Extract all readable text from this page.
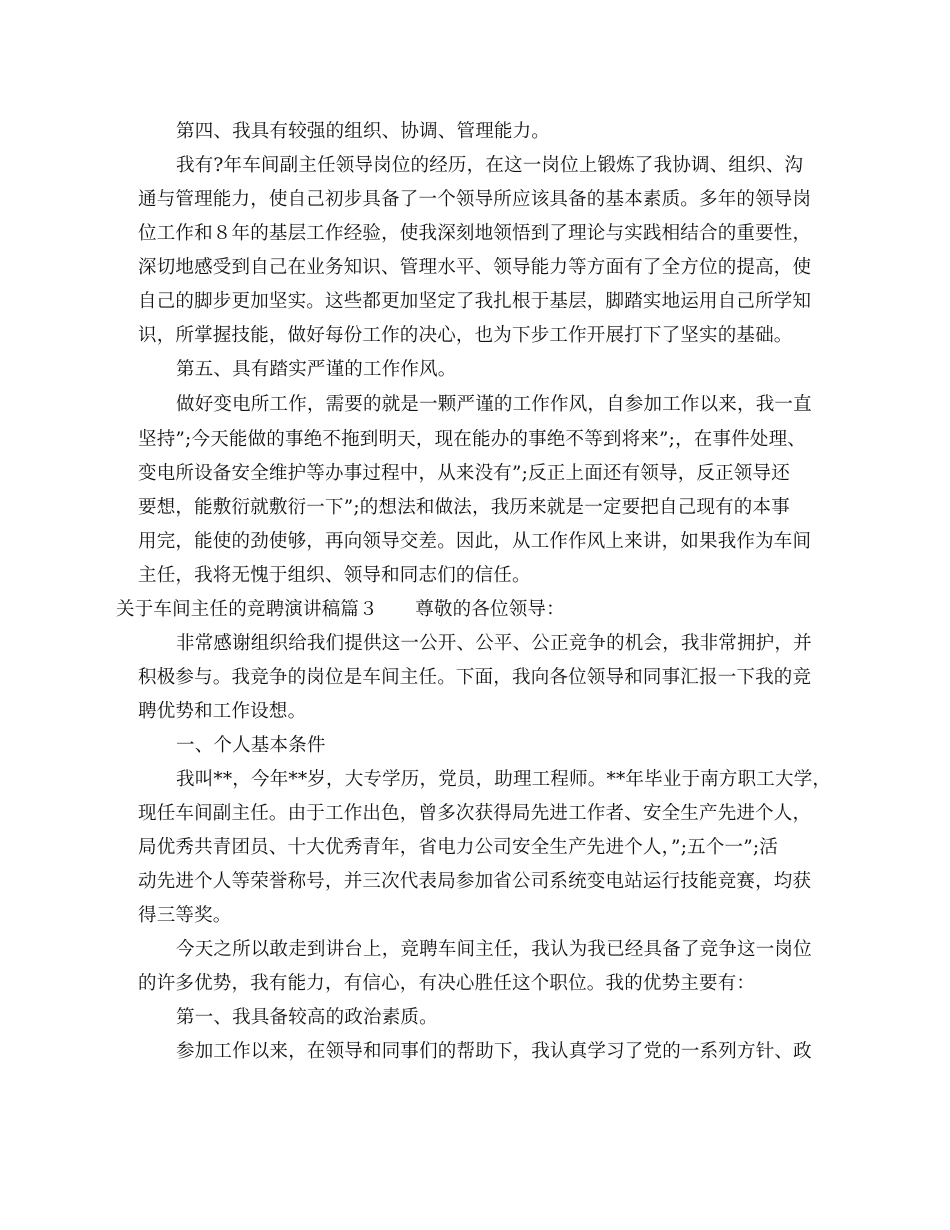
第四、我具有较强的组织、协调、管理能力。
我有?年车间副主任领导岗位的经历，在这一岗位上锻炼了我协调、组织、沟
通与管理能力，使自己初步具备了一个领导所应该具备的基本素质。多年的领导岗
位工作和８年的基层工作经验，使我深刻地领悟到了理论与实践相结合的重要性，
深切地感受到自己在业务知识、管理水平、领导能力等方面有了全方位的提高，使
自己的脚步更加坚实。这些都更加坚定了我扎根于基层，脚踏实地运用自己所学知
识，所掌握技能，做好每份工作的决心，也为下步工作开展打下了坚实的基础。
第五、具有踏实严谨的工作作风。
做好变电所工作，需要的就是一颗严谨的工作作风，自参加工作以来，我一直
坚持”;今天能做的事绝不拖到明天，现在能办的事绝不等到将来”;，在事件处理、
变电所设备安全维护等办事过程中，从来没有”;反正上面还有领导，反正领导还
要想，能敷衍就敷衍一下”;的想法和做法，我历来就是一定要把自己现有的本事
用完，能使的劲使够，再向领导交差。因此，从工作作风上来讲，如果我作为车间
主任，我将无愧于组织、领导和同志们的信任。
关于车间主任的竞聘演讲稿篇３　　尊敬的各位领导：
非常感谢组织给我们提供这一公开、公平、公正竞争的机会，我非常拥护，并
积极参与。我竞争的岗位是车间主任。下面，我向各位领导和同事汇报一下我的竞
聘优势和工作设想。
一、个人基本条件
我叫**，今年**岁，大专学历，党员，助理工程师。**年毕业于南方职工大学，
现任车间副主任。由于工作出色，曾多次获得局先进工作者、安全生产先进个人，
局优秀共青团员、十大优秀青年，省电力公司安全生产先进个人，”;五个一”;活
动先进个人等荣誉称号，并三次代表局参加省公司系统变电站运行技能竞赛，均获
得三等奖。
今天之所以敢走到讲台上，竞聘车间主任，我认为我已经具备了竞争这一岗位
的许多优势，我有能力，有信心，有决心胜任这个职位。我的优势主要有：
第一、我具备较高的政治素质。
参加工作以来，在领导和同事们的帮助下，我认真学习了党的一系列方针、政
